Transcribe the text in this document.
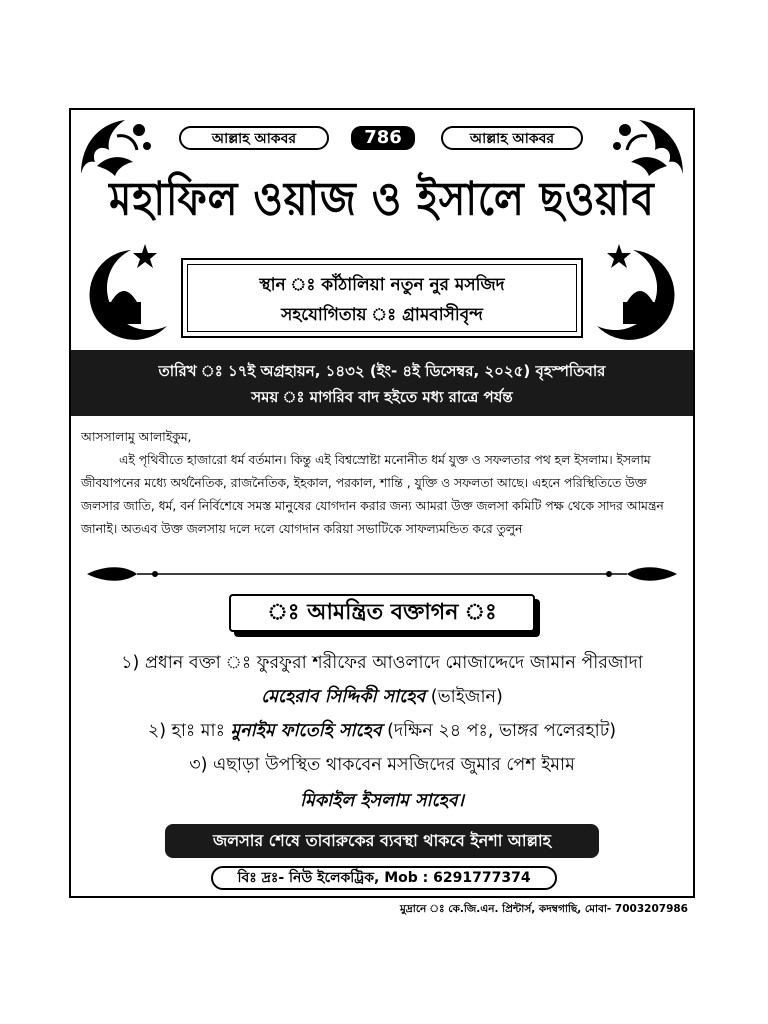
আল্লাহ আকবর	786	আল্লাহ আকবর
মহাফিল ওয়াজ ও ইসালে ছওয়াব
স্থান ঃ কাঁঠালিয়া নতুন নুর মসজিদ
সহযোগিতায় ঃ গ্রামবাসীবৃন্দ
তারিখ ঃ ১৭ই অগ্রহায়ন, ১৪৩২ (ইং- ৪ই ডিসেম্বর, ২০২৫) বৃহস্পতিবার
সময় ঃ মাগরিব বাদ হইতে মধ্য রাত্রে পর্যন্ত

আসসালামু আলাইকুম,

এই পৃথিবীতে হাজারো ধর্ম বর্তমান। কিন্তু এই বিশ্বস্রোষ্টা মনোনীত ধর্ম যুক্ত ও সফলতার পথ হল ইসলাম। ইসলাম জীবযাপনের মধ্যে অর্থনৈতিক, রাজনৈতিক, ইহকাল, পরকাল, শান্তি , যুক্তি ও সফলতা আছে। এহনে পরিস্থিতিতে উক্ত জলসার জাতি, ধর্ম, বর্ন নির্বিশেষে সমস্ত মানুষের যোগদান করার জন্য আমরা উক্ত জলসা কমিটি পক্ষ থেকে সাদর আমন্ত্রন জানাই। অতএব উক্ত জলসায় দলে দলে যোগদান করিয়া সভাটিকে সাফল্যমন্ডিত করে তুলুন

ঃ আমন্ত্রিত বক্তাগন ঃ
১) প্রধান বক্তা ঃ ফুরফুরা শরীফের আওলাদে মোজাদ্দেদে জামান পীরজাদা
মেহেরাব সিদ্দিকী সাহেব (ভাইজান)
২) হাঃ মাঃ মুনাইম ফাতেহি সাহেব (দক্ষিন ২৪ পঃ, ভাঙ্গর পলেরহাট)
৩) এছাড়া উপস্থিত থাকবেন মসজিদের জুমার পেশ ইমাম
মিকাইল ইসলাম সাহেব।
জলসার শেষে তাবারুকের ব্যবস্থা থাকবে ইনশা আল্লাহ
বিঃ দ্রঃ- নিউ ইলেকট্রিক, Mob : 6291777374
মুদ্রানে ঃ কে.জি.এন. প্রিন্টার্স, কদম্বগাছি, মোবা- 7003207986
